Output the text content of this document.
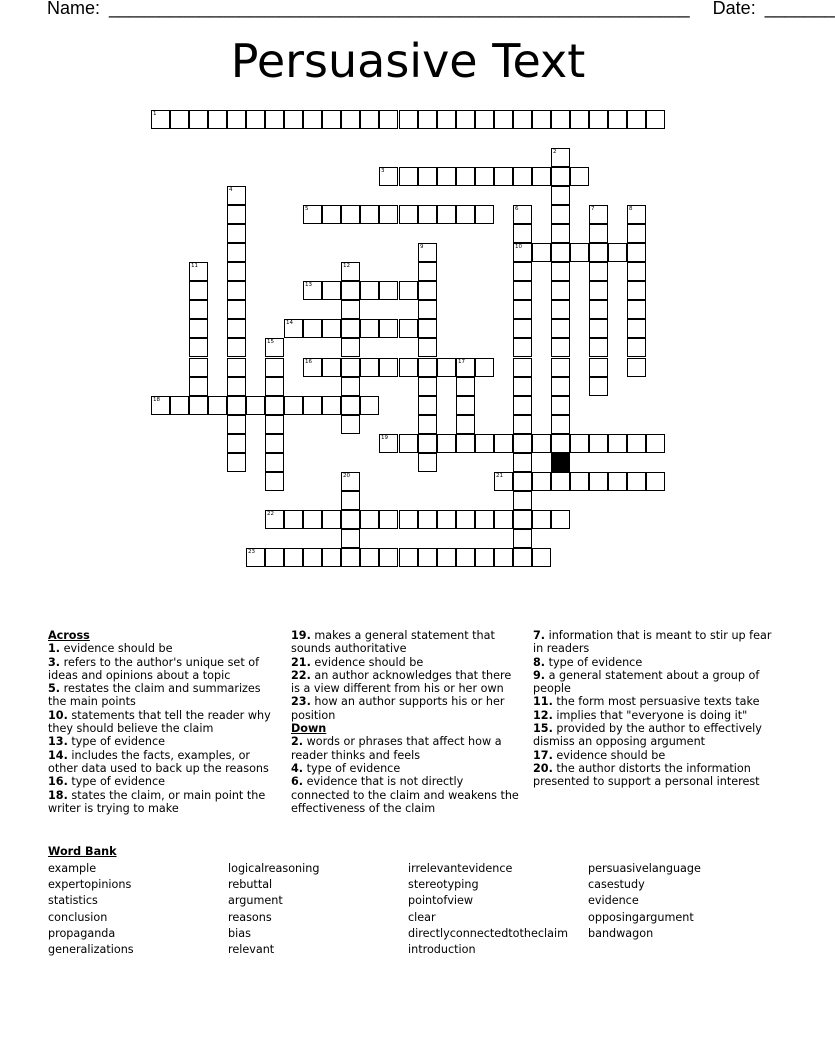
Name: __________________________________________________________ Date: _______
Persuasive Text
1
2
3
4
5	6	7	8
9	10
11	12
13
14
15
16	17
18
19
20	21
22
23
Across
1. evidence should be
3. refers to the author's unique set of ideas and opinions about a topic
5. restates the claim and summarizes the main points
10. statements that tell the reader why they should believe the claim
13. type of evidence
14. includes the facts, examples, or other data used to back up the reasons
16. type of evidence
18. states the claim, or main point the writer is trying to make
19. makes a general statement that sounds authoritative
21. evidence should be
22. an author acknowledges that there is a view different from his or her own
23. how an author supports his or her position
Down
2. words or phrases that affect how a reader thinks and feels
4. type of evidence
6. evidence that is not directly connected to the claim and weakens the effectiveness of the claim
7. information that is meant to stir up fear in readers
8. type of evidence
9. a general statement about a group of people
11. the form most persuasive texts take
12. implies that "everyone is doing it"
15. provided by the author to effectively dismiss an opposing argument
17. evidence should be
20. the author distorts the information presented to support a personal interest
Word Bank
example
expertopinions
statistics
conclusion
propaganda
generalizations
logicalreasoning
rebuttal
argument
reasons
bias
relevant
irrelevantevidence
stereotyping
pointofview
clear
directlyconnectedtotheclaim
introduction
persuasivelanguage
casestudy
evidence
opposingargument
bandwagon
